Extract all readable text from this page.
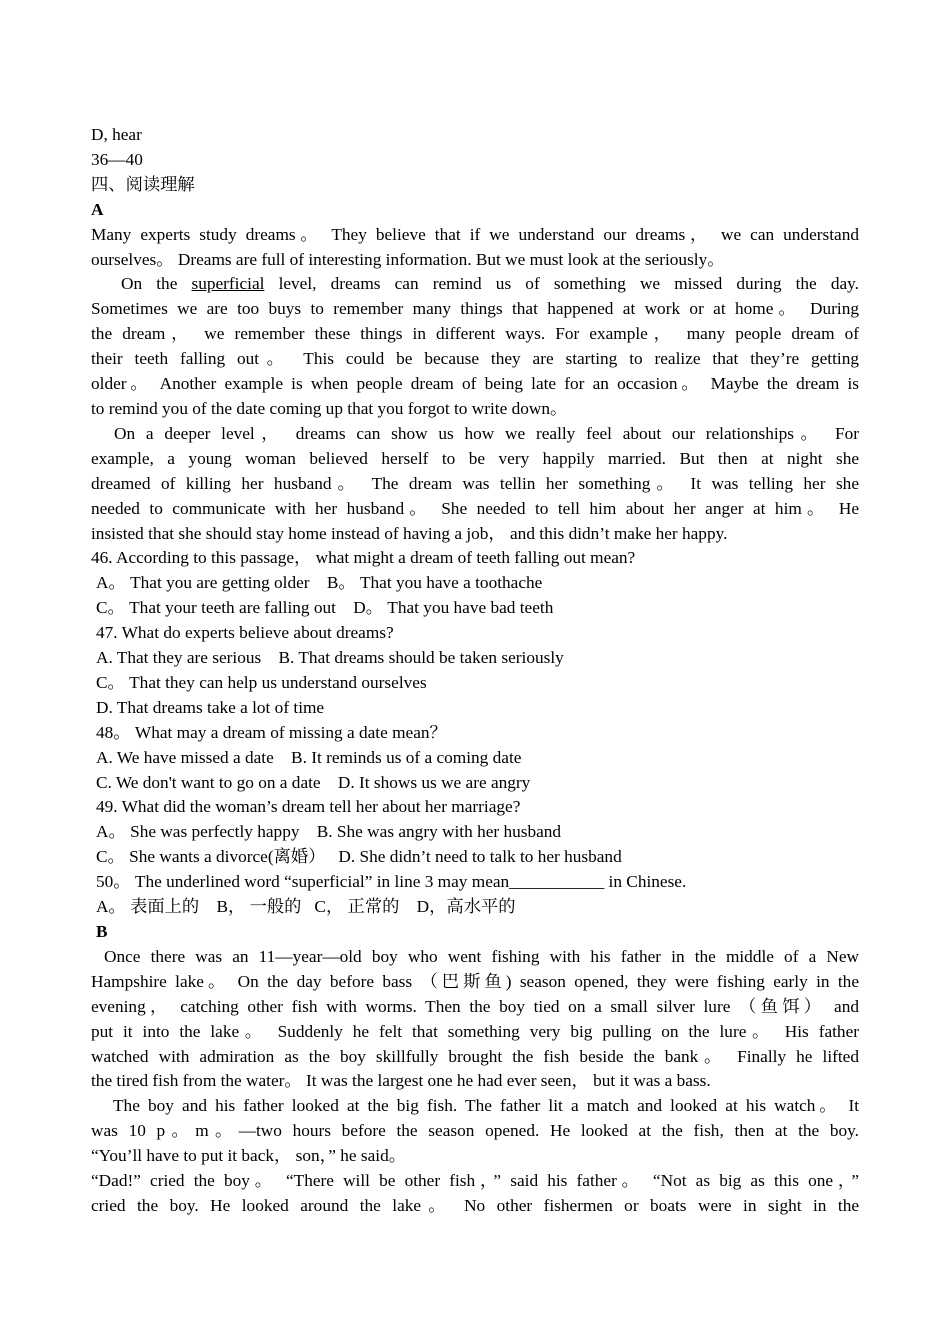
D, hear

36—40

四、阅读理解

A

Many experts study dreams。 They believe that if we understand our dreams， we can understand

ourselves。 Dreams are full of interesting information. But we must look at the seriously。

On the superficial level, dreams can remind us of something we missed during the day.

Sometimes we are too buys to remember many things that happened at work or at home。 During

the dream， we remember these things in different ways. For example， many people dream of

their teeth falling out。 This could be because they are starting to realize that they’re getting

older。 Another example is when people dream of being late for an occasion。 Maybe the dream is

to remind you of the date coming up that you forgot to write down。

On a deeper level， dreams can show us how we really feel about our relationships。 For

example, a young woman believed herself to be very happily married. But then at night she

dreamed of killing her husband。 The dream was tellin her something。 It was telling her she

needed to communicate with her husband。 She needed to tell him about her anger at him。 He

insisted that she should stay home instead of having a job， and this didn’t make her happy.

46. According to this passage， what might a dream of teeth falling out mean?

A。 That you are getting older    B。 That you have a toothache

C。 That your teeth are falling out    D。 That you have bad teeth

47. What do experts believe about dreams?

A. That they are serious    B. That dreams should be taken seriously

C。 That they can help us understand ourselves

D. That dreams take a lot of time

48。 What may a dream of missing a date mean？

A. We have missed a date    B. It reminds us of a coming date

C. We don't want to go on a date    D. It shows us we are angry

49. What did the woman’s dream tell her about her marriage?

A。 She was perfectly happy    B. She was angry with her husband

C。 She wants a divorce(离婚）   D. She didn’t need to talk to her husband

50。 The underlined word “superficial” in line 3 may mean___________ in Chinese.

A。 表面上的    B， 一般的   C， 正常的    D，高水平的

B

Once there was an 11—year—old boy who went fishing with his father in the middle of a New

Hampshire lake。 On the day before bass （巴斯鱼) season opened, they were fishing early in the

evening， catching other fish with worms. Then the boy tied on a small silver lure （鱼饵） and

put it into the lake。 Suddenly he felt that something very big pulling on the lure。 His father

watched with admiration as the boy skillfully brought the fish beside the bank。 Finally he lifted

the tired fish from the water。 It was the largest one he had ever seen， but it was a bass.

The boy and his father looked at the big fish. The father lit a match and looked at his watch。 It

was 10 p。m。—two hours before the season opened. He looked at the fish, then at the boy.

“You’ll have to put it back， son，” he said。

“Dad!” cried the boy。 “There will be other fish，” said his father。 “Not as big as this one，”

cried the boy. He looked around the lake。 No other fishermen or boats were in sight in the
